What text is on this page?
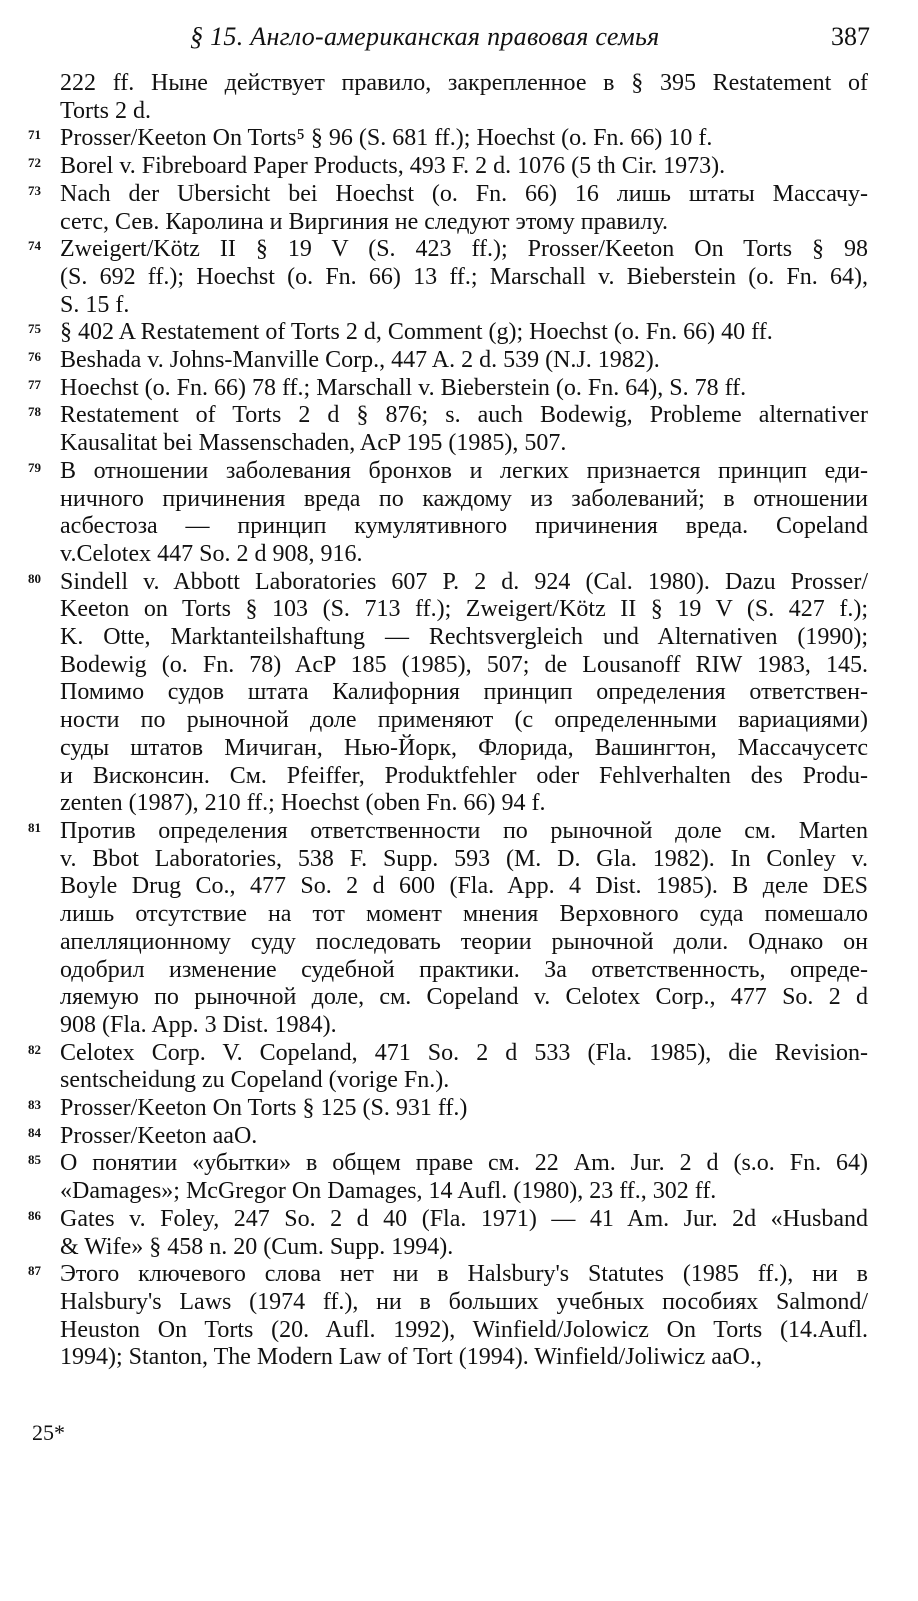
§ 15. Англо-американская правовая семья	387
222 ff. Ныне действует правило, закрепленное в § 395 Restatement of
Torts 2 d.
71 Prosser/Keeton On Torts⁵ § 96 (S. 681 ff.); Hoechst (o. Fn. 66) 10 f.
72 Borel v. Fibreboard Paper Products, 493 F. 2 d. 1076 (5 th Cir. 1973).
73 Nach der Ubersicht bei Hoechst (o. Fn. 66) 16 лишь штаты Массачу-
сетс, Сев. Каролина и Виргиния не следуют этому правилу.
74 Zweigert/Kötz II § 19 V (S. 423 ff.); Prosser/Keeton On Torts § 98
(S. 692 ff.); Hoechst (o. Fn. 66) 13 ff.; Marschall v. Bieberstein (o. Fn. 64),
S. 15 f.
75 § 402 A Restatement of Torts 2 d, Comment (g); Hoechst (o. Fn. 66) 40 ff.
76 Beshada v. Johns-Manville Corp., 447 A. 2 d. 539 (N.J. 1982).
77 Hoechst (o. Fn. 66) 78 ff.; Marschall v. Bieberstein (o. Fn. 64), S. 78 ff.
78 Restatement of Torts 2 d § 876; s. auch Bodewig, Probleme alternativer
Kausalitat bei Massenschaden, AcP 195 (1985), 507.
79 В отношении заболевания бронхов и легких признается принцип еди-
ничного причинения вреда по каждому из заболеваний; в отношении
асбестоза — принцип кумулятивного причинения вреда. Copeland
v.Celotex 447 So. 2 d 908, 916.
80 Sindell v. Abbott Laboratories 607 P. 2 d. 924 (Cal. 1980). Dazu Prosser/
Keeton on Torts § 103 (S. 713 ff.); Zweigert/Kötz II § 19 V (S. 427 f.);
K. Otte, Marktanteilshaftung — Rechtsvergleich und Alternativen (1990);
Bodewig (o. Fn. 78) AcP 185 (1985), 507; de Lousanoff RIW 1983, 145.
Помимо судов штата Калифорния принцип определения ответствен-
ности по рыночной доле применяют (с определенными вариациями)
суды штатов Мичиган, Нью-Йорк, Флорида, Вашингтон, Массачусетс
и Висконсин. См. Pfeiffer, Produktfehler oder Fehlverhalten des Produ-
zenten (1987), 210 ff.; Hoechst (oben Fn. 66) 94 f.
81 Против определения ответственности по рыночной доле см. Marten
v. Bbot Laboratories, 538 F. Supp. 593 (M. D. Gla. 1982). In Conley v.
Boyle Drug Co., 477 So. 2 d 600 (Fla. App. 4 Dist. 1985). В деле DES
лишь отсутствие на тот момент мнения Верховного суда помешало
апелляционному суду последовать теории рыночной доли. Однако он
одобрил изменение судебной практики. За ответственность, опреде-
ляемую по рыночной доле, см. Copeland v. Celotex Corp., 477 So. 2 d
908 (Fla. App. 3 Dist. 1984).
82 Celotex Corp. V. Copeland, 471 So. 2 d 533 (Fla. 1985), die Revision-
sentscheidung zu Copeland (vorige Fn.).
83 Prosser/Keeton On Torts § 125 (S. 931 ff.)
84 Prosser/Keeton aaO.
85 О понятии «убытки» в общем праве см. 22 Am. Jur. 2 d (s.o. Fn. 64)
«Damages»; McGregor On Damages, 14 Aufl. (1980), 23 ff., 302 ff.
86 Gates v. Foley, 247 So. 2 d 40 (Fla. 1971) — 41 Am. Jur. 2d «Husband
& Wife» § 458 n. 20 (Cum. Supp. 1994).
87 Этого ключевого слова нет ни в Halsbury's Statutes (1985 ff.), ни в
Halsbury's Laws (1974 ff.), ни в больших учебных пособиях Salmond/
Heuston On Torts (20. Aufl. 1992), Winfield/Jolowicz On Torts (14.Aufl.
1994); Stanton, The Modern Law of Tort (1994). Winfield/Joliwicz aaO.,
25*
